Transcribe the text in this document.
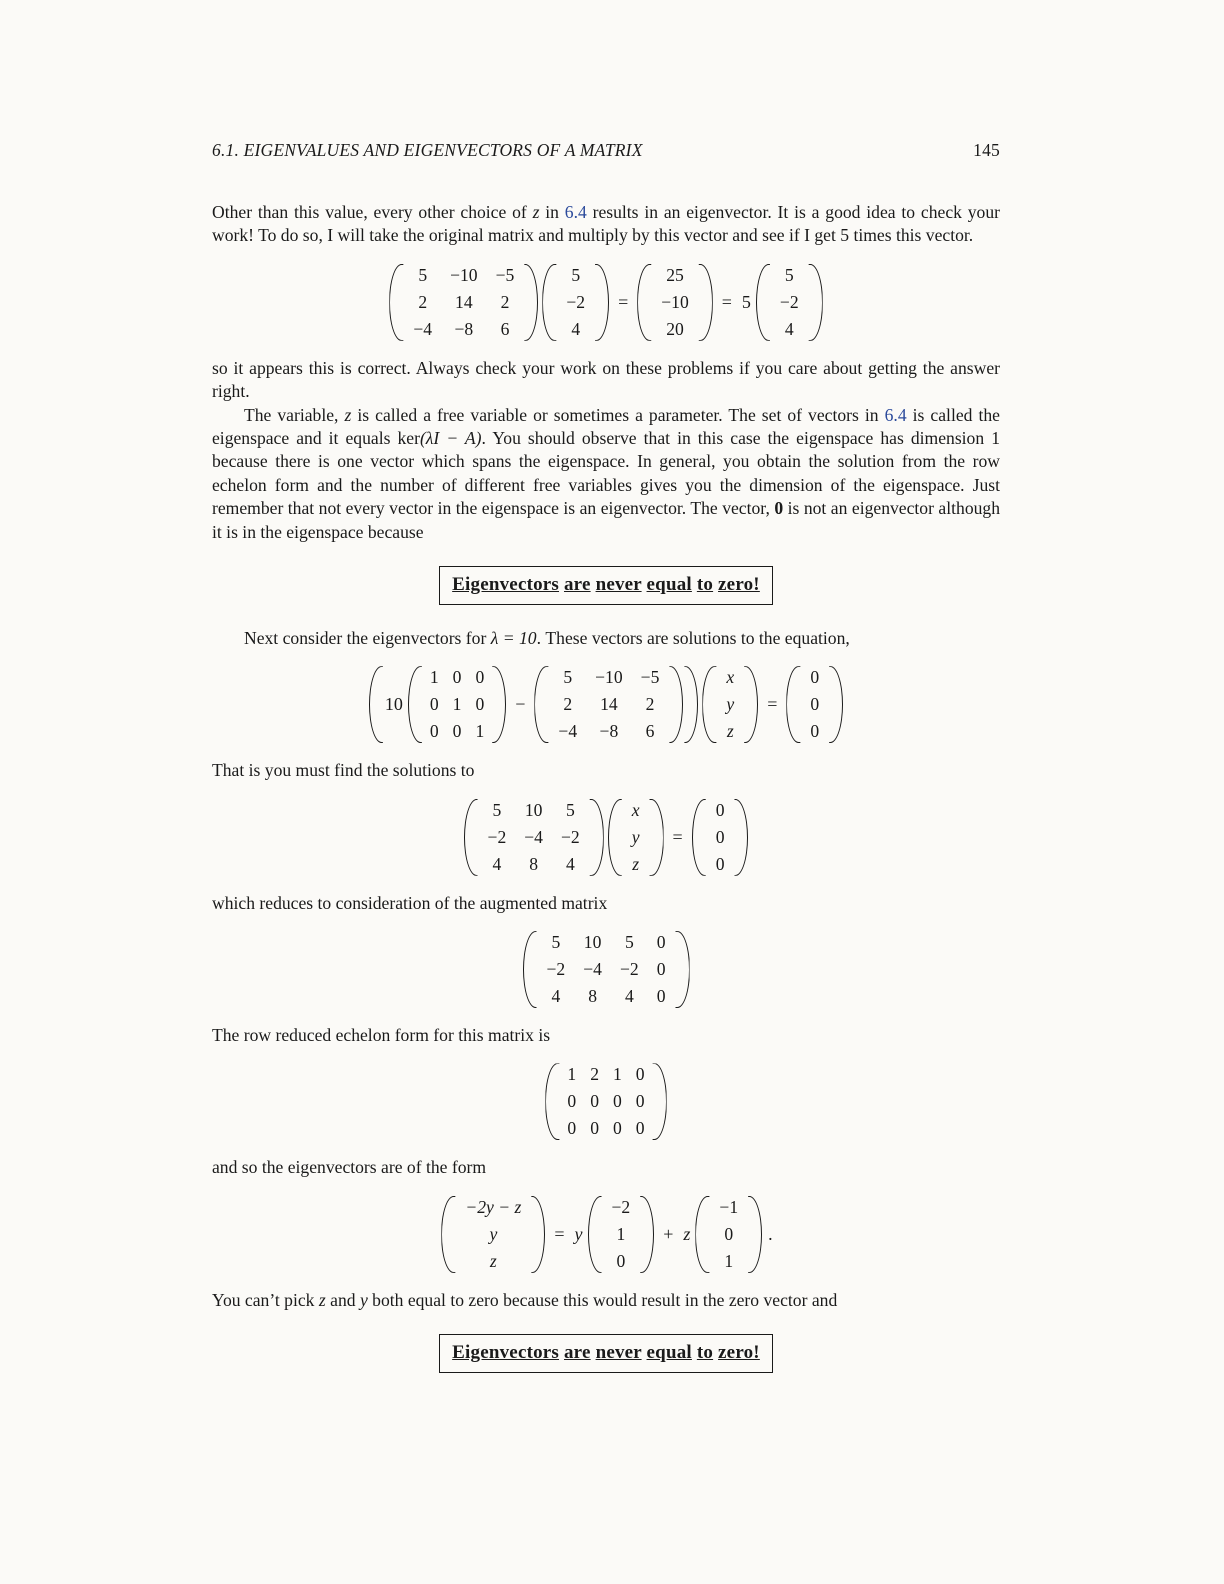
6.1. EIGENVALUES AND EIGENVECTORS OF A MATRIX	145

Other than this value, every other choice of z in 6.4 results in an eigenvector. It is a good idea to check your work! To do so, I will take the original matrix and multiply by this vector and see if I get 5 times this vector.

5	−10	−5
2	14	2
−4	−8	6
5
−2
4
=
25
−10
20
= 5
5
−2
4

so it appears this is correct. Always check your work on these problems if you care about getting the answer right.

The variable, z is called a free variable or sometimes a parameter. The set of vectors in 6.4 is called the eigenspace and it equals ker(λI − A). You should observe that in this case the eigenspace has dimension 1 because there is one vector which spans the eigenspace. In general, you obtain the solution from the row echelon form and the number of different free variables gives you the dimension of the eigenspace. Just remember that not every vector in the eigenspace is an eigenvector. The vector, 0 is not an eigenvector although it is in the eigenspace because

Eigenvectors are never equal to zero!

Next consider the eigenvectors for λ = 10. These vectors are solutions to the equation,

10
1	0	0
0	1	0
0	0	1
−
5	−10	−5
2	14	2
−4	−8	6
x
y
z
=
0
0
0

That is you must find the solutions to

5	10	5
−2	−4	−2
4	8	4
x
y
z
=
0
0
0

which reduces to consideration of the augmented matrix

5	10	5	0
−2	−4	−2	0
4	8	4	0

The row reduced echelon form for this matrix is

1	2	1	0
0	0	0	0
0	0	0	0

and so the eigenvectors are of the form

−2y − z
y
z
= y
−2
1
0
+ z
−1
0
1
.

You can’t pick z and y both equal to zero because this would result in the zero vector and

Eigenvectors are never equal to zero!
